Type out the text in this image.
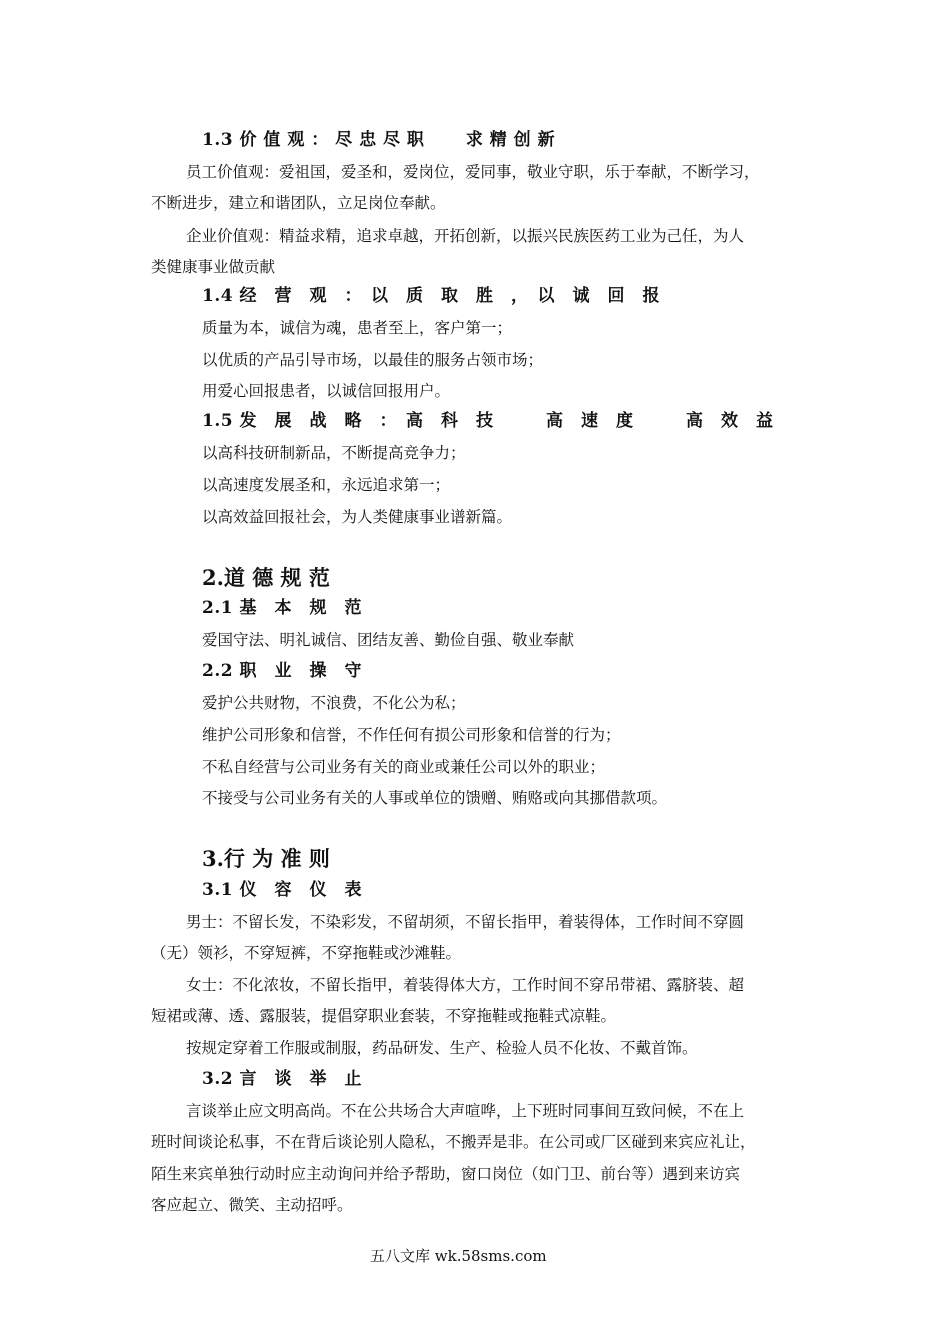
1.3 价 值 观 ： 尽 忠 尽 职　　 求 精 创 新
员工价值观：爱祖国，爱圣和，爱岗位，爱同事，敬业守职，乐于奉献，不断学习，
不断进步，建立和谐团队，立足岗位奉献。
企业价值观：精益求精，追求卓越，开拓创新，以振兴民族医药工业为己任，为人
类健康事业做贡献
1.4 经　营　观　：　以　质　取　胜　，　以　诚　回　报
质量为本，诚信为魂，患者至上，客户第一；
以优质的产品引导市场，以最佳的服务占领市场；
用爱心回报患者，以诚信回报用户。
1.5 发　展　战　略　：　高　科　技　　　高　速　度　　　高　效　益
以高科技研制新品，不断提高竞争力；
以高速度发展圣和，永远追求第一；
以高效益回报社会，为人类健康事业谱新篇。
2.道 德 规 范
2.1 基　本　规　范
爱国守法、明礼诚信、团结友善、勤俭自强、敬业奉献
2.2 职　业　操　守
爱护公共财物，不浪费，不化公为私；
维护公司形象和信誉，不作任何有损公司形象和信誉的行为；
不私自经营与公司业务有关的商业或兼任公司以外的职业；
不接受与公司业务有关的人事或单位的馈赠、贿赂或向其挪借款项。
3.行 为 准 则
3.1 仪　容　仪　表
男士：不留长发，不染彩发，不留胡须，不留长指甲，着装得体，工作时间不穿圆
（无）领衫，不穿短裤，不穿拖鞋或沙滩鞋。
女士：不化浓妆，不留长指甲，着装得体大方，工作时间不穿吊带裙、露脐装、超
短裙或薄、透、露服装，提倡穿职业套装，不穿拖鞋或拖鞋式凉鞋。
按规定穿着工作服或制服，药品研发、生产、检验人员不化妆、不戴首饰。
3.2 言　谈　举　止
言谈举止应文明高尚。不在公共场合大声喧哗，上下班时同事间互致问候，不在上
班时间谈论私事，不在背后谈论别人隐私，不搬弄是非。在公司或厂区碰到来宾应礼让，
陌生来宾单独行动时应主动询问并给予帮助，窗口岗位（如门卫、前台等）遇到来访宾
客应起立、微笑、主动招呼。
五八文库 wk.58sms.com
